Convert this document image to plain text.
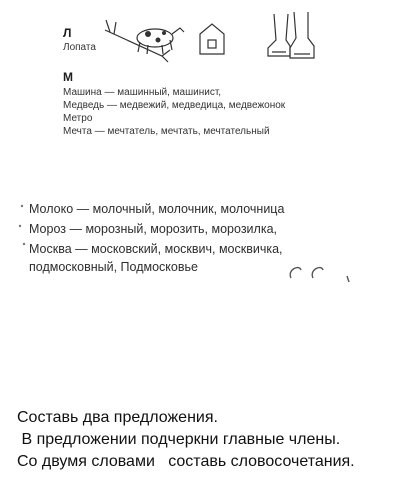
Л
Лопата
М
Машина — машинный, машинист,
Медведь — медвежий, медведица, медвежонок
Метро
Мечта — мечтатель, мечтать, мечтательный
Молоко — молочный, молочник, молочница
Мороз — морозный, морозить, морозилка,
Москва — московский, москвич, москвичка,
подмосковный, Подмосковье
Составь два предложения.
В предложении подчеркни главные члены.
Со двумя словами   составь словосочетания.
